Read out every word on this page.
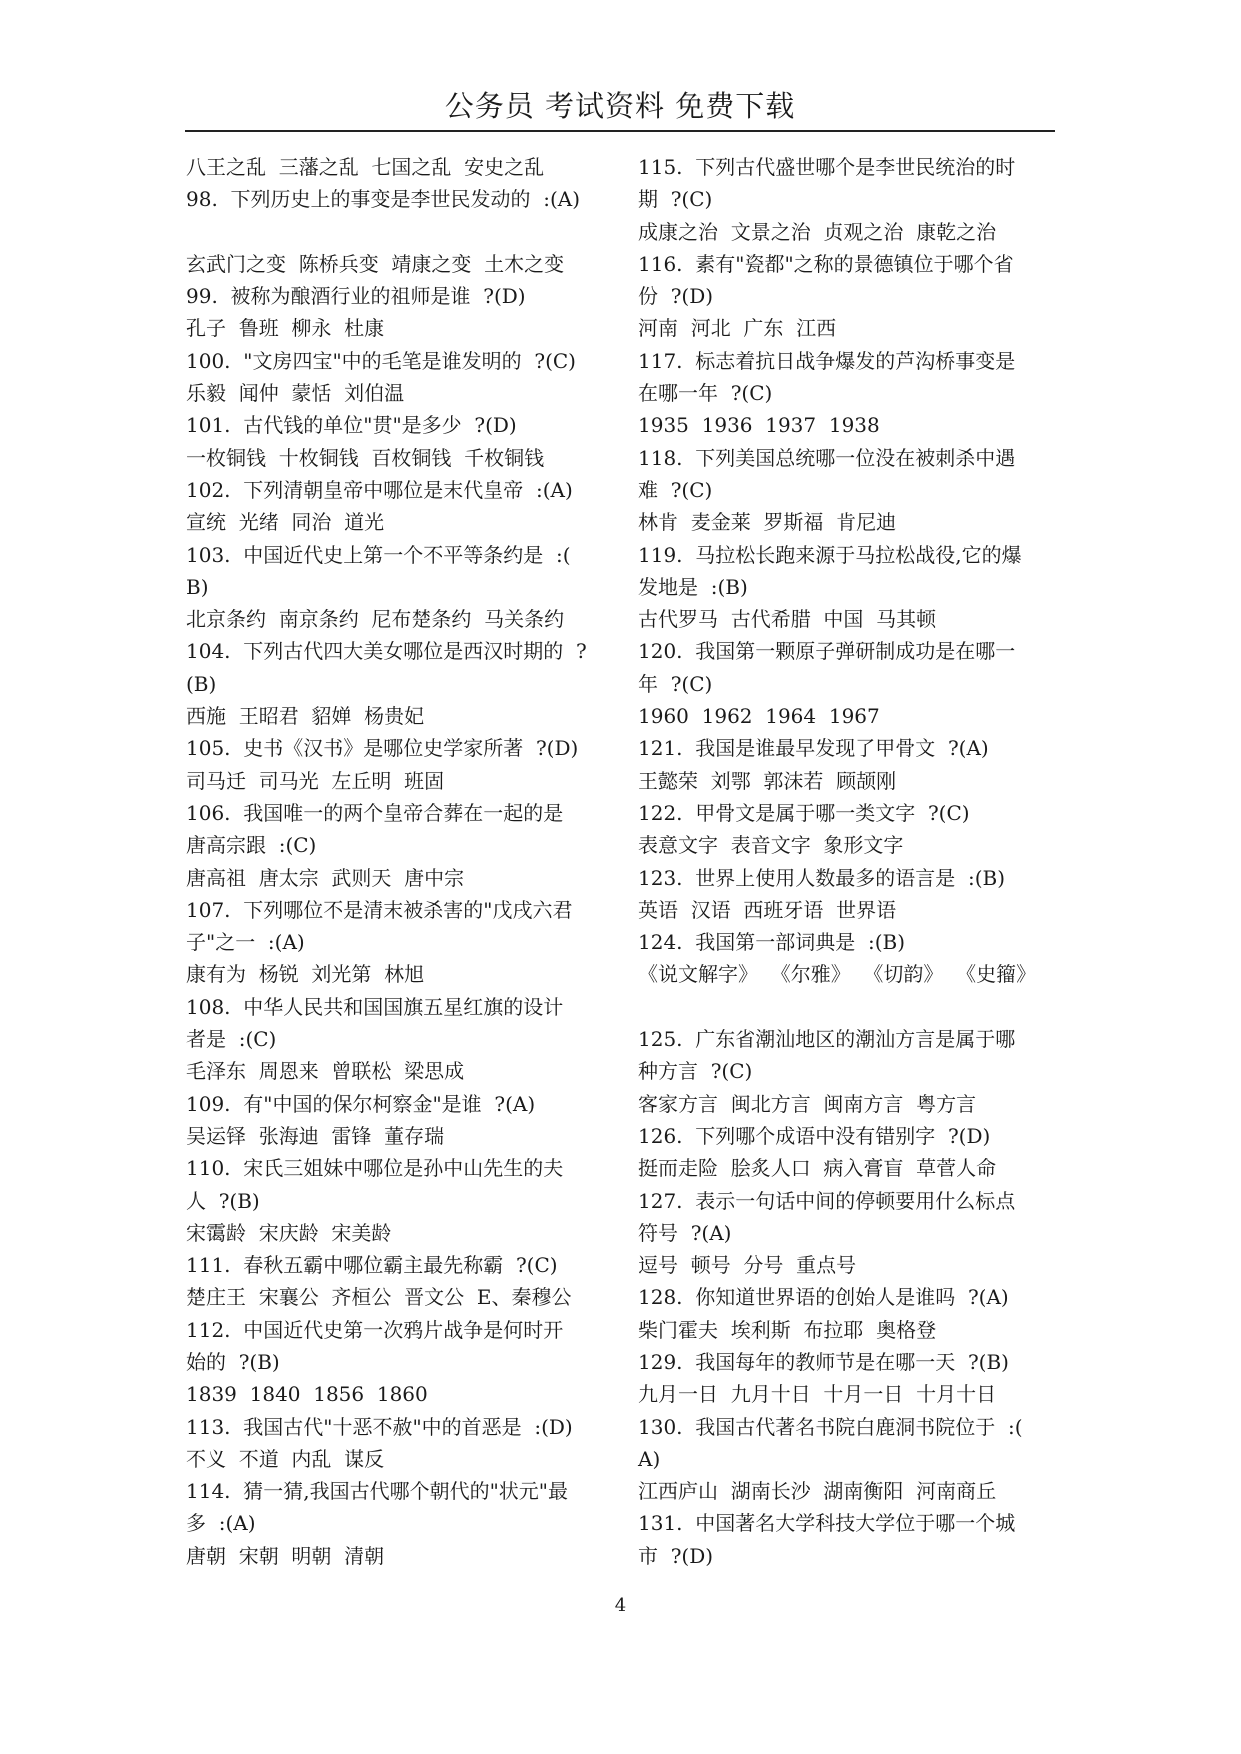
公务员 考试资料 免费下载
八王之乱  三藩之乱  七国之乱  安史之乱
98.  下列历史上的事变是李世民发动的  :(A)
玄武门之变  陈桥兵变  靖康之变  土木之变
99.  被称为酿酒行业的祖师是谁  ?(D)
孔子  鲁班  柳永  杜康
100.  "文房四宝"中的毛笔是谁发明的  ?(C)
乐毅  闻仲  蒙恬  刘伯温
101.  古代钱的单位"贯"是多少  ?(D)
一枚铜钱  十枚铜钱  百枚铜钱  千枚铜钱
102.  下列清朝皇帝中哪位是末代皇帝  :(A)
宣统  光绪  同治  道光
103.  中国近代史上第一个不平等条约是  :(
B)
北京条约  南京条约  尼布楚条约  马关条约
104.  下列古代四大美女哪位是西汉时期的  ?
(B)
西施  王昭君  貂婵  杨贵妃
105.  史书《汉书》是哪位史学家所著  ?(D)
司马迁  司马光  左丘明  班固
106.  我国唯一的两个皇帝合葬在一起的是
唐高宗跟  :(C)
唐高祖  唐太宗  武则天  唐中宗
107.  下列哪位不是清末被杀害的"戊戌六君
子"之一  :(A)
康有为  杨锐  刘光第  林旭
108.  中华人民共和国国旗五星红旗的设计
者是  :(C)
毛泽东  周恩来  曾联松  梁思成
109.  有"中国的保尔柯察金"是谁  ?(A)
吴运铎  张海迪  雷锋  董存瑞
110.  宋氏三姐妹中哪位是孙中山先生的夫
人  ?(B)
宋霭龄  宋庆龄  宋美龄
111.  春秋五霸中哪位霸主最先称霸  ?(C)
楚庄王  宋襄公  齐桓公  晋文公  E、秦穆公
112.  中国近代史第一次鸦片战争是何时开
始的  ?(B)
1839  1840  1856  1860
113.  我国古代"十恶不赦"中的首恶是  :(D)
不义  不道  内乱  谋反
114.  猜一猜,我国古代哪个朝代的"状元"最
多  :(A)
唐朝  宋朝  明朝  清朝
115.  下列古代盛世哪个是李世民统治的时
期  ?(C)
成康之治  文景之治  贞观之治  康乾之治
116.  素有"瓷都"之称的景德镇位于哪个省
份  ?(D)
河南  河北  广东  江西
117.  标志着抗日战争爆发的芦沟桥事变是
在哪一年  ?(C)
1935  1936  1937  1938
118.  下列美国总统哪一位没在被刺杀中遇
难  ?(C)
林肯  麦金莱  罗斯福  肯尼迪
119.  马拉松长跑来源于马拉松战役,它的爆
发地是  :(B)
古代罗马  古代希腊  中国  马其顿
120.  我国第一颗原子弹研制成功是在哪一
年  ?(C)
1960  1962  1964  1967
121.  我国是谁最早发现了甲骨文  ?(A)
王懿荣  刘鄂  郭沫若  顾颉刚
122.  甲骨文是属于哪一类文字  ?(C)
表意文字  表音文字  象形文字
123.  世界上使用人数最多的语言是  :(B)
英语  汉语  西班牙语  世界语
124.  我国第一部词典是  :(B)
《说文解字》  《尔雅》  《切韵》  《史籀》
125.  广东省潮汕地区的潮汕方言是属于哪
种方言  ?(C)
客家方言  闽北方言  闽南方言  粤方言
126.  下列哪个成语中没有错别字  ?(D)
挺而走险  脍炙人口  病入膏盲  草菅人命
127.  表示一句话中间的停顿要用什么标点
符号  ?(A)
逗号  顿号  分号  重点号
128.  你知道世界语的创始人是谁吗  ?(A)
柴门霍夫  埃利斯  布拉耶  奥格登
129.  我国每年的教师节是在哪一天  ?(B)
九月一日  九月十日  十月一日  十月十日
130.  我国古代著名书院白鹿洞书院位于  :(
A)
江西庐山  湖南长沙  湖南衡阳  河南商丘
131.  中国著名大学科技大学位于哪一个城
市  ?(D)
4
